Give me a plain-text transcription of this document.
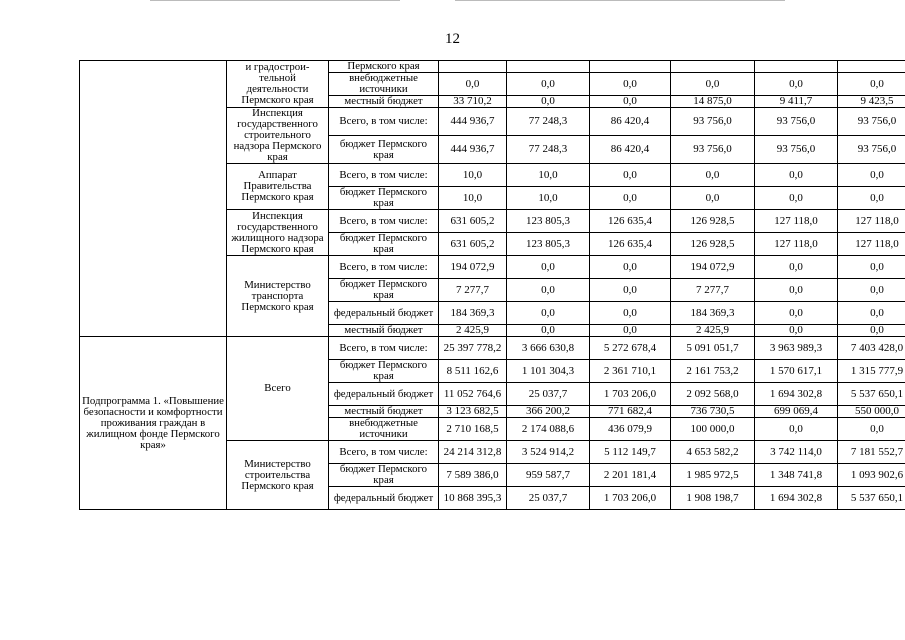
12
	и градострои-тельной деятельности Пермского края	Пермского края						
		внебюджетные источники	0,0	0,0	0,0	0,0	0,0	0,0
		местный бюджет	33 710,2	0,0	0,0	14 875,0	9 411,7	9 423,5
	Инспекция государственного строительного надзора Пермского края	Всего, в том числе:	444 936,7	77 248,3	86 420,4	93 756,0	93 756,0	93 756,0
		бюджет Пермского края	444 936,7	77 248,3	86 420,4	93 756,0	93 756,0	93 756,0
	Аппарат Правительства Пермского края	Всего, в том числе:	10,0	10,0	0,0	0,0	0,0	0,0
		бюджет Пермского края	10,0	10,0	0,0	0,0	0,0	0,0
	Инспекция государственного жилищного надзора Пермского края	Всего, в том числе:	631 605,2	123 805,3	126 635,4	126 928,5	127 118,0	127 118,0
		бюджет Пермского края	631 605,2	123 805,3	126 635,4	126 928,5	127 118,0	127 118,0
	Министерство транспорта Пермского края	Всего, в том числе:	194 072,9	0,0	0,0	194 072,9	0,0	0,0
		бюджет Пермского края	7 277,7	0,0	0,0	7 277,7	0,0	0,0
		федеральный бюджет	184 369,3	0,0	0,0	184 369,3	0,0	0,0
		местный бюджет	2 425,9	0,0	0,0	2 425,9	0,0	0,0
Подпрограмма 1. «Повышение безопасности и комфортности проживания граждан в жилищном фонде Пермского края»	Всего	Всего, в том числе:	25 397 778,2	3 666 630,8	5 272 678,4	5 091 051,7	3 963 989,3	7 403 428,0
		бюджет Пермского края	8 511 162,6	1 101 304,3	2 361 710,1	2 161 753,2	1 570 617,1	1 315 777,9
		федеральный бюджет	11 052 764,6	25 037,7	1 703 206,0	2 092 568,0	1 694 302,8	5 537 650,1
		местный бюджет	3 123 682,5	366 200,2	771 682,4	736 730,5	699 069,4	550 000,0
		внебюджетные источники	2 710 168,5	2 174 088,6	436 079,9	100 000,0	0,0	0,0
	Министерство строительства Пермского края	Всего, в том числе:	24 214 312,8	3 524 914,2	5 112 149,7	4 653 582,2	3 742 114,0	7 181 552,7
		бюджет Пермского края	7 589 386,0	959 587,7	2 201 181,4	1 985 972,5	1 348 741,8	1 093 902,6
		федеральный бюджет	10 868 395,3	25 037,7	1 703 206,0	1 908 198,7	1 694 302,8	5 537 650,1
